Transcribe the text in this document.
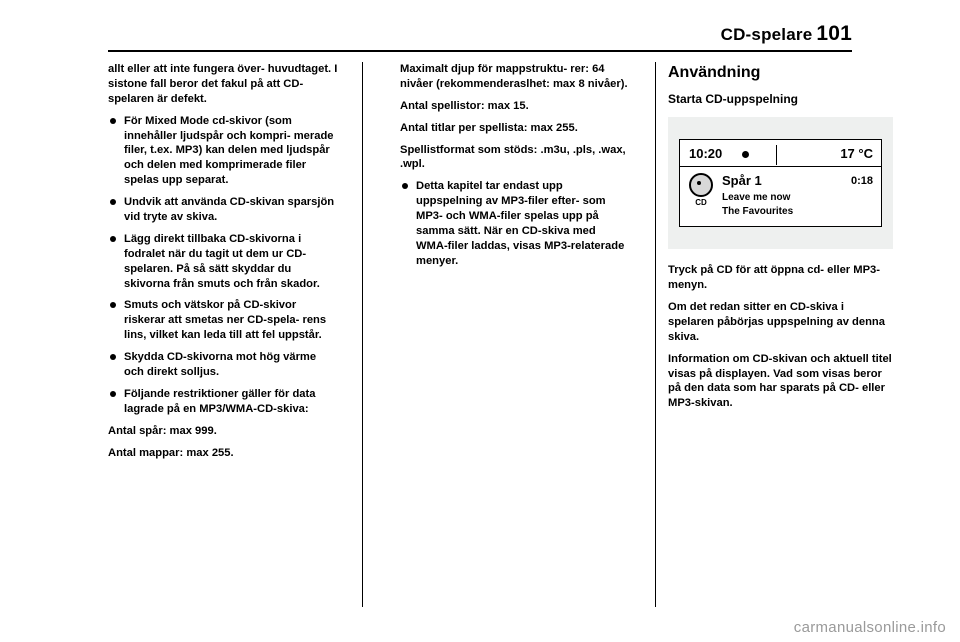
CD-spelare 101

allt eller att inte fungera över‑ huvudtaget. I sistone fall beror det fakul på att CD-spelaren är defekt.

För Mixed Mode cd-skivor (som innehåller ljudspår och kompri‑ merade filer, t.ex. MP3) kan delen med ljudspår och delen med komprimerade filer spelas upp separat.
Undvik att använda CD-skivan sparsjön vid tryte av skiva.
Lägg direkt tillbaka CD-skivorna i fodralet när du tagit ut dem ur CD-spelaren. På så sätt skyddar du skivorna från smuts och från skador.
Smuts och vätskor på CD-skivor riskerar att smetas ner CD-spela‑ rens lins, vilket kan leda till att fel uppstår.
Skydda CD-skivorna mot hög värme och direkt solljus.
Följande restriktioner gäller för data lagrade på en MP3/WMA-CD-skiva:

Antal spår: max 999.

Antal mappar: max 255.

Maximalt djup för mappstruktu‑ rer: 64 nivåer (rekommenderaslhet: max 8 nivåer).

Antal spellistor: max 15.

Antal titlar per spellista: max 255.

Spellistformat som stöds: .m3u, .pls, .wax, .wpl.

Detta kapitel tar endast upp uppspelning av MP3-filer efter‑ som MP3- och WMA-filer spelas upp på samma sätt. När en CD-skiva med WMA-filer laddas, visas MP3-relaterade menyer.
Användning
Starta CD-uppspelning
10:20	17 °C
CD
Spår 1	0:18
Leave me now
The Favourites

Tryck på CD för att öppna cd- eller MP3-menyn.

Om det redan sitter en CD-skiva i spelaren påbörjas uppspelning av denna skiva.

Information om CD-skivan och aktuell titel visas på displayen. Vad som visas beror på den data som har sparats på CD- eller MP3-skivan.

carmanualsonline.info
